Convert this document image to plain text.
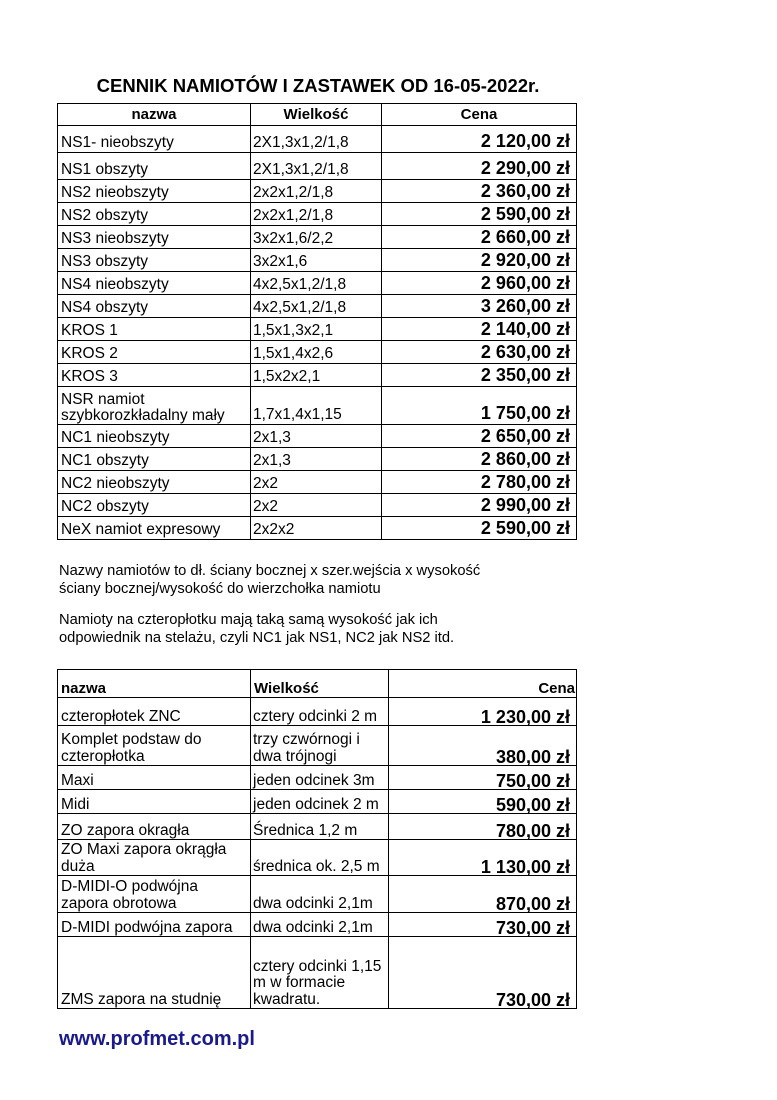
CENNIK NAMIOTÓW I ZASTAWEK OD 16-05-2022r.
nazwa	Wielkość	Cena
NS1- nieobszyty	2X1,3x1,2/1,8	2 120,00 zł
NS1 obszyty	2X1,3x1,2/1,8	2 290,00 zł
NS2 nieobszyty	2x2x1,2/1,8	2 360,00 zł
NS2 obszyty	2x2x1,2/1,8	2 590,00 zł
NS3 nieobszyty	3x2x1,6/2,2	2 660,00 zł
NS3 obszyty	3x2x1,6	2 920,00 zł
NS4 nieobszyty	4x2,5x1,2/1,8	2 960,00 zł
NS4 obszyty	4x2,5x1,2/1,8	3 260,00 zł
KROS 1	1,5x1,3x2,1	2 140,00 zł
KROS 2	1,5x1,4x2,6	2 630,00 zł
KROS 3	1,5x2x2,1	2 350,00 zł
NSR namiot szybkorozkładalny mały	1,7x1,4x1,15	1 750,00 zł
NC1 nieobszyty	2x1,3	2 650,00 zł
NC1 obszyty	2x1,3	2 860,00 zł
NC2 nieobszyty	2x2	2 780,00 zł
NC2 obszyty	2x2	2 990,00 zł
NeX namiot expresowy	2x2x2	2 590,00 zł
Nazwy namiotów to dł. ściany bocznej x szer.wejścia x wysokość
ściany bocznej/wysokość do wierzchołka namiotu
Namioty na czteropłotku mają taką samą wysokość jak ich
odpowiednik na stelażu, czyli NC1 jak NS1, NC2 jak NS2 itd.
nazwa	Wielkość	Cena
czteropłotek ZNC	cztery odcinki 2 m	1 230,00 zł
Komplet podstaw do czteropłotka	trzy czwórnogi i dwa trójnogi	380,00 zł
Maxi	jeden odcinek 3m	750,00 zł
Midi	jeden odcinek 2 m	590,00 zł
ZO zapora okragła	Średnica 1,2 m	780,00 zł
ZO Maxi zapora okrągła duża	średnica ok. 2,5 m	1 130,00 zł
D-MIDI-O podwójna zapora obrotowa	dwa odcinki 2,1m	870,00 zł
D-MIDI podwójna zapora	dwa odcinki 2,1m	730,00 zł
ZMS zapora na studnię	cztery odcinki 1,15 m w formacie kwadratu.	730,00 zł
www.profmet.com.pl
